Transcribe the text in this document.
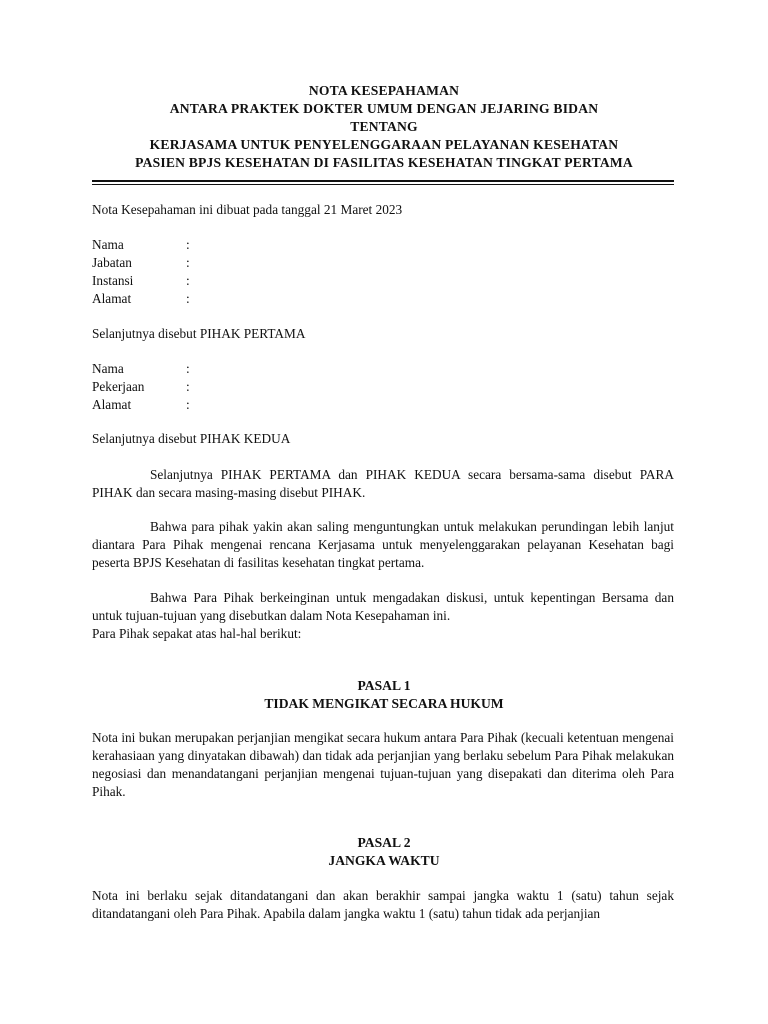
NOTA KESEPAHAMAN
ANTARA PRAKTEK DOKTER UMUM DENGAN JEJARING BIDAN
TENTANG
KERJASAMA UNTUK PENYELENGGARAAN PELAYANAN KESEHATAN
PASIEN BPJS KESEHATAN DI FASILITAS KESEHATAN TINGKAT PERTAMA
Nota Kesepahaman ini dibuat pada tanggal 21 Maret 2023
Nama	:
Jabatan	:
Instansi	:
Alamat	:
Selanjutnya disebut PIHAK PERTAMA
Nama	:
Pekerjaan	:
Alamat	:
Selanjutnya disebut PIHAK KEDUA
Selanjutnya PIHAK PERTAMA dan PIHAK KEDUA secara bersama-sama disebut PARA PIHAK dan secara masing-masing disebut PIHAK.
Bahwa para pihak yakin akan saling menguntungkan untuk melakukan perundingan lebih lanjut diantara Para Pihak mengenai rencana Kerjasama untuk menyelenggarakan pelayanan Kesehatan bagi peserta BPJS Kesehatan di fasilitas kesehatan tingkat pertama.
Bahwa Para Pihak berkeinginan untuk mengadakan diskusi, untuk kepentingan Bersama dan untuk tujuan-tujuan yang disebutkan dalam Nota Kesepahaman ini.
Para Pihak sepakat atas hal-hal berikut:
PASAL 1
TIDAK MENGIKAT SECARA HUKUM
Nota ini bukan merupakan perjanjian mengikat secara hukum antara Para Pihak (kecuali ketentuan mengenai kerahasiaan yang dinyatakan dibawah) dan tidak ada perjanjian yang berlaku sebelum Para Pihak melakukan negosiasi dan menandatangani perjanjian mengenai tujuan-tujuan yang disepakati dan diterima oleh Para Pihak.
PASAL 2
JANGKA WAKTU
Nota ini berlaku sejak ditandatangani dan akan berakhir sampai jangka waktu 1 (satu) tahun sejak ditandatangani oleh Para Pihak. Apabila dalam jangka waktu 1 (satu) tahun tidak ada perjanjian
